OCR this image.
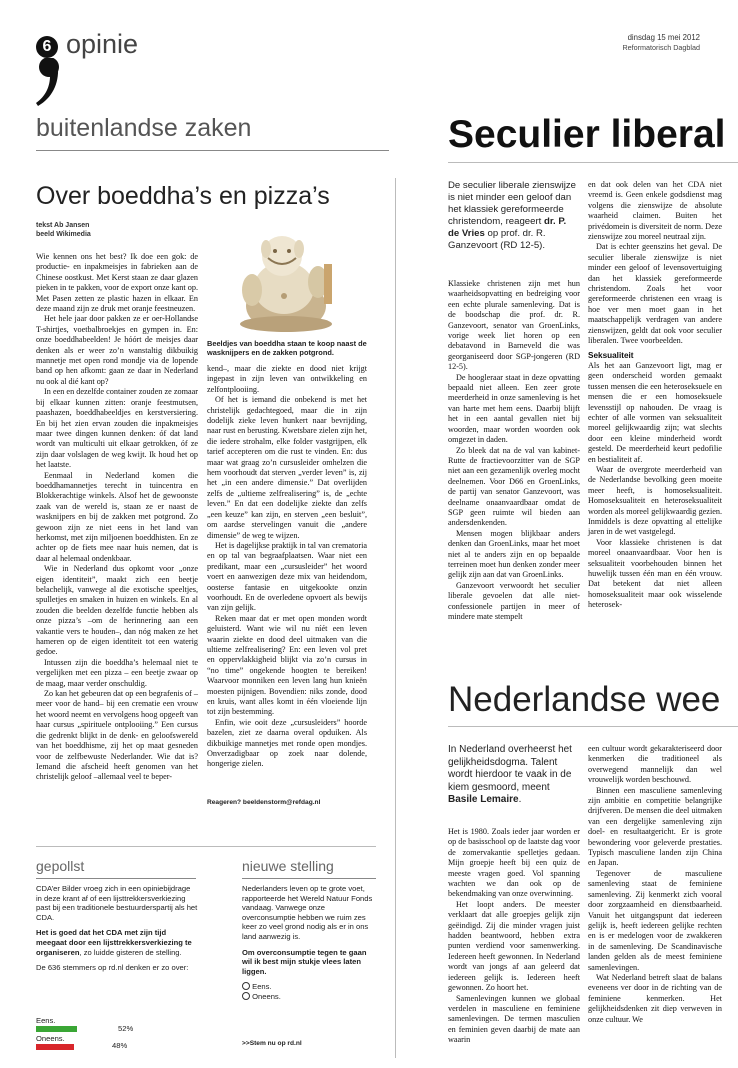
6 opinie	dinsdag 15 mei 2012
Reformatorisch Dagblad
buitenlandse zaken
Over boeddha’s en pizza’s
tekst Ab Jansen
beeld Wikimedia
Beeldjes van boeddha staan te koop naast de wasknijpers en de zakken potgrond.

Wie kennen ons het best? Ik doe een gok: de productie- en inpakmeisjes in fabrieken aan de Chinese oostkust. Met Kerst staan ze daar glazen pieken in te pakken, voor de export onze kant op. Met Pasen zetten ze plastic hazen in elkaar. En deze maand zijn ze druk met oranje feestneuzen.

Het hele jaar door pakken ze er oer-Hollandse T-shirtjes, voetbalbroekjes en gympen in. En: onze boeddhabeelden! Je hóórt de meisjes daar denken als er weer zo’n wanstaltig dikbuikig mannetje met open rond mondje via de lopende band op hen afkomt: gaan ze daar in Nederland nu ook al dié kant op?

In een en dezelfde container zouden ze zomaar bij elkaar kunnen zitten: oranje feestmutsen, paashazen, boeddhabeeldjes en kerstversiering. En bij het zien ervan zouden die inpakmeisjes maar twee dingen kunnen denken: óf dat land wordt van multiculti uit elkaar getrokken, óf ze zijn daar volslagen de weg kwijt. Ik houd het op het laatste.

Eenmaal in Nederland komen die boeddhamannetjes terecht in tuincentra en Blokkerachtige winkels. Alsof het de gewoonste zaak van de wereld is, staan ze er naast de wasknijpers en bij de zakken met potgrond. Zo gewoon zijn ze niet eens in het land van herkomst, met zijn miljoenen boeddhisten. En ze achter op de fiets mee naar huis nemen, dat is daar al helemaal ondenkbaar.

Wie in Nederland dus opkomt voor „onze eigen identiteit”, maakt zich een beetje belachelijk, vanwege al die exotische speeltjes, spulletjes en smaken in huizen en winkels. En al zouden die beelden dezelfde functie hebben als onze pizza’s –om de herinnering aan een vakantie vers te houden–, dan nóg maken ze het hameren op de eigen identiteit tot een waterig gedoe.

Intussen zijn die boeddha’s helemaal niet te vergelijken met een pizza – een beetje zwaar op de maag, maar verder onschuldig.

Zo kan het gebeuren dat op een begrafenis of –meer voor de hand– bij een crematie een vrouw het woord neemt en vervolgens hoog opgeeft van haar cursus „spirituele ontplooiing.” Een cursus die gedrenkt blijkt in de denk- en geloofswereld van het boeddhisme, zij het op maat gesneden voor de zelfbewuste Nederlander. Wie dat is? Iemand die afscheid heeft genomen van het christelijk geloof –allemaal veel te beper-

kend–, maar die ziekte en dood niet krijgt ingepast in zijn leven van ontwikkeling en zelfontplooiing.

Of het is iemand die onbekend is met het christelijk gedachtegoed, maar die in zijn dodelijk zieke leven hunkert naar bevrijding, naar rust en berusting. Kwetsbare zielen zijn het, die iedere strohalm, elke folder vastgrijpen, elk tarief accepteren om die rust te vinden. En: dus maar wat graag zo’n cursusleider omhelzen die hem voorhoudt dat sterven „verder leven” is, zij het „in een andere dimensie.” Dat overlijden zelfs de „ultieme zelfrealisering” is, de „echte leven.” En dat een dodelijke ziekte dan zelfs „een keuze” kan zijn, en sterven „een besluit”, om aardse stervelingen vanuit die „andere dimensie” de weg te wijzen.

Het is dagelijkse praktijk in tal van crematoria en op tal van begraafplaatsen. Waar niet een predikant, maar een „cursusleider” het woord voert en aanwezigen deze mix van heidendom, oosterse fantasie en uitgekookte onzin voorhoudt. En de overledene opvoert als bewijs van zijn gelijk.

Reken maar dat er met open monden wordt geluisterd. Want wie wil nu níét een leven waarin ziekte en dood deel uitmaken van die ultieme zelfrealisering? En: een leven vol pret en oppervlakkigheid blijkt via zo’n cursus in “no time” ongekende hoogten te bereiken! Waarvoor monniken een leven lang hun knieën moesten pijnigen. Bovendien: niks zonde, dood en kruis, want alles komt in één vloeiende lijn tot zijn bestemming.

Enfin, wie ooit deze „cursusleiders” hoorde bazelen, ziet ze daarna overal opduiken. Als dikbuikige mannetjes met ronde open mondjes. Onverzadigbaar op zoek naar dolende, hongerige zielen.

Reageren? beeldenstorm@refdag.nl
Seculier liberal
De seculier liberale zienswijze is niet minder een geloof dan het klassiek gereformeerde christendom, reageert dr. P. de Vries op prof. dr. R. Ganzevoort (RD 12-5).

Klassieke christenen zijn met hun waarheidsopvatting en bedreiging voor een echte plurale samenleving. Dat is de boodschap die prof. dr. R. Ganzevoort, senator van GroenLinks, vorige week liet horen op een debatavond in Barneveld die was georganiseerd door SGP-jongeren (RD 12-5).

De hoogleraar staat in deze opvatting bepaald niet alleen. Een zeer grote meerderheid in onze samenleving is het van harte met hem eens. Daarbij blijft het in een aantal gevallen niet bij woorden, maar worden woorden ook omgezet in daden.

Zo bleek dat na de val van kabinet-Rutte de fractievoorzitter van de SGP niet aan een gezamenlijk overleg mocht deelnemen. Voor D66 en GroenLinks, de partij van senator Ganzevoort, was deelname onaanvaardbaar omdat de SGP geen ruimte wil bieden aan andersdenkenden.

Mensen mogen blijkbaar anders denken dan GroenLinks, maar het moet niet al te anders zijn en op bepaalde terreinen moet hun denken zonder meer gelijk zijn aan dat van GroenLinks.

Ganzevoort verwoordt het seculier liberale gevoelen dat alle niet-confessionele partijen in meer of mindere mate stempelt

en dat ook delen van het CDA niet vreemd is. Geen enkele godsdienst mag volgens die zienswijze de absolute waarheid claimen. Buiten het privédomein is diversiteit de norm. Deze zienswijze zou moreel neutraal zijn.

Dat is echter geenszins het geval. De seculier liberale zienswijze is niet minder een geloof of levensovertuiging dan het klassiek gereformeerde christendom. Zoals het voor gereformeerde christenen een vraag is hoe ver men moet gaan in het maatschappelijk verdragen van andere zienswijzen, geldt dat ook voor seculier liberalen. Twee voorbeelden.

Seksualiteit

Als het aan Ganzevoort ligt, mag er geen onderscheid worden gemaakt tussen mensen die een heteroseksuele en mensen die er een homoseksuele levensstijl op nahouden. De vraag is echter of alle vormen van seksualiteit moreel gelijkwaardig zijn; wat slechts door een kleine minderheid wordt gesteld. De meerderheid keurt pedofilie en bestialiteit af.

Waar de overgrote meerderheid van de Nederlandse bevolking geen moeite meer heeft, is homoseksualiteit. Homoseksualiteit en heteroseksualiteit worden als moreel gelijkwaardig gezien. Inmiddels is deze opvatting al ettelijke jaren in de wet vastgelegd.

Voor klassieke christenen is dat moreel onaanvaardbaar. Voor hen is seksualiteit voorbehouden binnen het huwelijk tussen één man en één vrouw. Dat betekent dat niet alleen homoseksualiteit maar ook wisselende heterosek-

Nederlandse wee
In Nederland overheerst het gelijkheidsdogma. Talent wordt hierdoor te vaak in de kiem gesmoord, meent Basile Lemaire.

Het is 1980. Zoals ieder jaar worden er op de basisschool op de laatste dag voor de zomervakantie spelletjes gedaan. Mijn groepje heeft bij een quiz de meeste vragen goed. Vol spanning wachten we dan ook op de bekendmaking van onze overwinning.

Het loopt anders. De meester verklaart dat alle groepjes gelijk zijn geëindigd. Zij die minder vragen juist hadden beantwoord, hebben extra punten verdiend voor samenwerking. Iedereen heeft gewonnen. In Nederland wordt van jongs af aan geleerd dat iedereen gelijk is. Iedereen heeft gewonnen. Zo hoort het.

Samenlevingen kunnen we globaal verdelen in masculiene en feminiene samenlevingen. De termen masculien en feminien geven daarbij de mate aan waarin

een cultuur wordt gekarakteriseerd door kenmerken die traditioneel als overwegend mannelijk dan wel vrouwelijk worden beschouwd.

Binnen een masculiene samenleving zijn ambitie en competitie belangrijke drijfveren. De mensen die deel uitmaken van een dergelijke samenleving zijn doel- en resultaatgericht. Er is grote bewondering voor geleverde prestaties. Typisch masculiene landen zijn China en Japan.

Tegenover de masculiene samenleving staat de feminiene samenleving. Zij kenmerkt zich vooral door zorgzaamheid en dienstbaarheid. Vanuit het uitgangspunt dat iedereen gelijk is, heeft iedereen gelijke rechten en is er medelogen voor de zwakkeren in de samenleving. De Scandinavische landen gelden als de meest feminiene samenlevingen.

Wat Nederland betreft slaat de balans eveneens ver door in de richting van de feminiene kenmerken. Het gelijkheidsdenken zit diep verweven in onze cultuur. We

gepollst

CDA’er Bilder vroeg zich in een opiniebijdrage in deze krant af of een lijsttrekkersverkiezing past bij een traditionele bestuurderspartij als het CDA.

Het is goed dat het CDA met zijn tijd meegaat door een lijsttrekkersverkiezing te organiseren, zo luidde gisteren de stelling.

De 636 stemmers op rd.nl denken er zo over:

Eens.
52%
Oneens.
48%
nieuwe stelling

Nederlanders leven op te grote voet, rapporteerde het Wereld Natuur Fonds vandaag. Vanwege onze overconsumptie hebben we ruim zes keer zo veel grond nodig als er in ons land aanwezig is.

Om overconsumptie tegen te gaan wil ik best mijn stukje vlees laten liggen.

Eens.
Oneens.
>>Stem nu op rd.nl
